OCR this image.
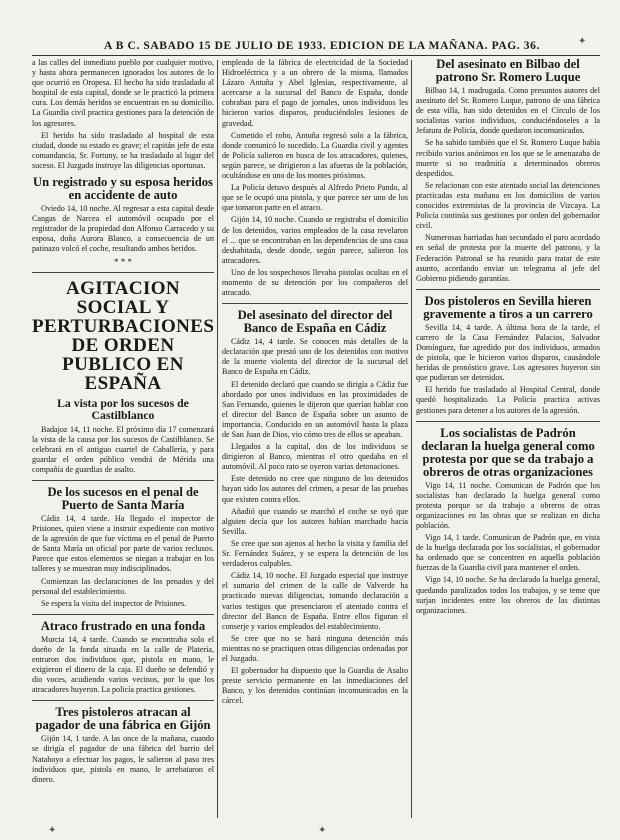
A B C. SABADO 15 DE JULIO DE 1933. EDICION DE LA MAÑANA. PAG. 36.

a las calles del inmediato pueblo por cualquier motivo, y hasta ahora permanecen ignorados los autores de lo que ocurrió en Oropesa. El hecho ha sido trasladado al hospital de esta capital, donde se le practicó la primera cura. Los demás heridos se encuentran en su domicilio. La Guardia civil practica gestiones para la detención de los agresores.

El herido ha sido trasladado al hospital de esta ciudad, donde su estado es grave; el capitán jefe de esta comandancia, Sr. Fortuny, se ha trasladado al lugar del suceso. El Juzgado instruye las diligencias oportunas.

Un registrado y su esposa heridos en accidente de auto

Oviedo 14, 10 noche. Al regresar a esta capital desde Cangas de Narcea el automóvil ocupado por el registrador de la propiedad don Alfonso Carracedo y su esposa, doña Aurora Blanco, a consecuencia de un patinazo volcó el coche, resultando ambos heridos.

* * *
AGITACION SOCIAL Y PERTURBACIONES DE ORDEN PUBLICO EN ESPAÑA
La vista por los sucesos de Castilblanco

Badajoz 14, 11 noche. El próximo día 17 comenzará la vista de la causa por los sucesos de Castilblanco. Se celebrará en el antiguo cuartel de Caballería, y para guardar el orden público vendrá de Mérida una compañía de guardias de asalto.

De los sucesos en el penal de Puerto de Santa María

Cádiz 14, 4 tarde. Ha llegado el inspector de Prisiones, quien viene a instruir expediente con motivo de la agresión de que fue víctima en el penal de Puerto de Santa María un oficial por parte de varios reclusos. Parece que estos elementos se niegan a trabajar en los talleres y se muestran muy indisciplinados.

Comienzan las declaraciones de los penados y del personal del establecimiento.

Se espera la visita del inspector de Prisiones.

Atraco frustrado en una fonda

Murcia 14, 4 tarde. Cuando se encontraba solo el dueño de la fonda situada en la calle de Platería, entraron dos individuos que, pistola en mano, le exigieron el dinero de la caja. El dueño se defendió y dio voces, acudiendo varios vecinos, por lo que los atracadores huyeron. La policía practica gestiones.

Tres pistoleros atracan al pagador de una fábrica en Gijón

Gijón 14, 1 tarde. A las once de la mañana, cuando se dirigía el pagador de una fábrica del barrio del Natahoyo a efectuar los pagos, le salieron al paso tres individuos que, pistola en mano, le arrebataron el dinero.

empleado de la fábrica de electricidad de la Sociedad Hidroeléctrica y a un obrero de la misma, llamados Lázaro Antuña y Abel Iglesias, respectivamente, al acercarse a la sucursal del Banco de España, donde cobraban para el pago de jornales, unos individuos les hicieron varios disparos, produciéndoles lesiones de gravedad.

Cometido el robo, Antuña regresó solo a la fábrica, donde comunicó lo sucedido. La Guardia civil y agentes de Policía salieron en busca de los atracadores, quienes, según parece, se dirigieron a las afueras de la población, ocultándose en uno de los montes próximos.

La Policía detuvo después al Alfredo Prieto Pando, al que se le ocupó una pistola, y que parece ser uno de los que tomaron parte en el atraco.

Gijón 14, 10 noche. Cuando se registraba el domicilio de los detenidos, varios empleados de la casa revelaron el ... que se encontraban en las dependencias de una casa deshabitada, desde donde, según parece, salieron los atracadores.

Uno de los sospechosos llevaba pistolas ocultas en el momento de su detención por los compañeros del atracado.

Del asesinato del director del Banco de España en Cádiz

Cádiz 14, 4 tarde. Se conocen más detalles de la declaración que prestó uno de los detenidos con motivo de la muerte violenta del director de la sucursal del Banco de España en Cádiz.

El detenido declaró que cuando se dirigía a Cádiz fue abordado por unos individuos en las proximidades de San Fernando, quienes le dijeron que querían hablar con el director del Banco de España sobre un asunto de importancia. Conducido en un automóvil hasta la plaza de San Juan de Dios, vio cómo tres de ellos se apeaban.

Llegados a la capital, dos de los individuos se dirigieron al Banco, mientras el otro quedaba en el automóvil. Al poco rato se oyeron varias detonaciones.

Este detenido no cree que ninguno de los detenidos hayan sido los autores del crimen, a pesar de las pruebas que existen contra ellos.

Añadió que cuando se marchó el coche se oyó que alguien decía que los autores habían marchado hacia Sevilla.

Se cree que son ajenos al hecho la visita y familia del Sr. Fernández Suárez, y se espera la detención de los verdaderos culpables.

Cádiz 14, 10 noche. El Juzgado especial que instruye el sumario del crimen de la calle de Valverde ha practicado nuevas diligencias, tomando declaración a varios testigos que presenciaron el atentado contra el director del Banco de España. Entre ellos figuran el conserje y varios empleados del establecimiento.

Se cree que no se hará ninguna detención más mientras no se practiquen otras diligencias ordenadas por el Juzgado.

El gobernador ha dispuesto que la Guardia de Asalto preste servicio permanente en las inmediaciones del Banco, y los detenidos continúan incomunicados en la cárcel.

Del asesinato en Bilbao del patrono Sr. Romero Luque

Bilbao 14, 1 madrugada. Como presuntos autores del asesinato del Sr. Romero Luque, patrono de una fábrica de esta villa, han sido detenidos en el Círculo de los socialistas varios individuos, conduciéndoseles a la Jefatura de Policía, donde quedaron incomunicados.

Se ha sabido también que el Sr. Romero Luque había recibido varios anónimos en los que se le amenazaba de muerte si no readmitía a determinados obreros despedidos.

Se relacionan con este atentado social las detenciones practicadas esta mañana en los domicilios de varios conocidos extremistas de la provincia de Vizcaya. La Policía continúa sus gestiones por orden del gobernador civil.

Numerosas barriadas han secundado el paro acordado en señal de protesta por la muerte del patrono, y la Federación Patronal se ha reunido para tratar de este asunto, acordando enviar un telegrama al jefe del Gobierno pidiendo garantías.

Dos pistoleros en Sevilla hieren gravemente a tiros a un carrero

Sevilla 14, 4 tarde. A última hora de la tarde, el carrero de la Casa Fernández Palacios, Salvador Domínguez, fue agredido por dos individuos, armados de pistola, que le hicieron varios disparos, causándole heridas de pronóstico grave. Los agresores huyeron sin que pudieran ser detenidos.

El herido fue trasladado al Hospital Central, donde quedó hospitalizado. La Policía practica activas gestiones para detener a los autores de la agresión.

Los socialistas de Padrón declaran la huelga general como protesta por que se da trabajo a obreros de otras organizaciones

Vigo 14, 11 noche. Comunican de Padrón que los socialistas han declarado la huelga general como protesta porque se da trabajo a obreros de otras organizaciones en las obras que se realizan en dicha población.

Vigo 14, 1 tarde. Comunican de Padrón que, en vista de la huelga declarada por los socialistas, el gobernador ha ordenado que se concentren en aquella población fuerzas de la Guardia civil para mantener el orden.

Vigo 14, 10 noche. Se ha declarado la huelga general, quedando paralizados todos los trabajos, y se teme que surjan incidentes entre los obreros de las distintas organizaciones.

✦	✦
✦
